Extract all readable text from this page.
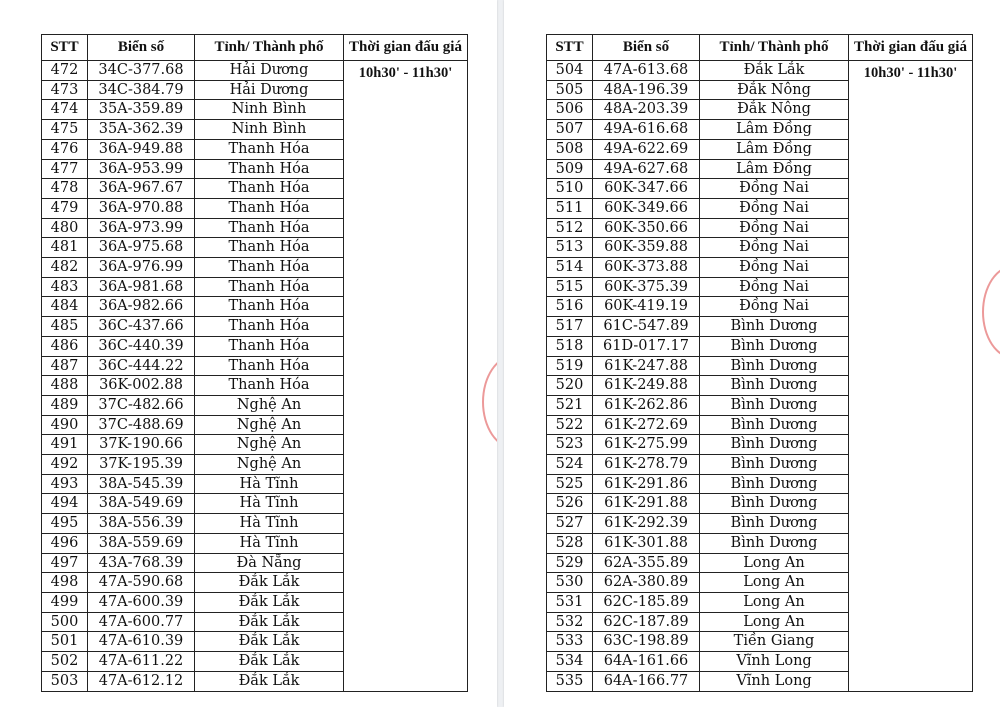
STT	Biển số	Tỉnh/ Thành phố	Thời gian đấu giá
472	34C-377.68	Hải Dương	10h30' - 11h30'
473	34C-384.79	Hải Dương	
474	35A-359.89	Ninh Bình	
475	35A-362.39	Ninh Bình	
476	36A-949.88	Thanh Hóa	
477	36A-953.99	Thanh Hóa	
478	36A-967.67	Thanh Hóa	
479	36A-970.88	Thanh Hóa	
480	36A-973.99	Thanh Hóa	
481	36A-975.68	Thanh Hóa	
482	36A-976.99	Thanh Hóa	
483	36A-981.68	Thanh Hóa	
484	36A-982.66	Thanh Hóa	
485	36C-437.66	Thanh Hóa	
486	36C-440.39	Thanh Hóa	
487	36C-444.22	Thanh Hóa	
488	36K-002.88	Thanh Hóa	
489	37C-482.66	Nghệ An	
490	37C-488.69	Nghệ An	
491	37K-190.66	Nghệ An	
492	37K-195.39	Nghệ An	
493	38A-545.39	Hà Tĩnh	
494	38A-549.69	Hà Tĩnh	
495	38A-556.39	Hà Tĩnh	
496	38A-559.69	Hà Tĩnh	
497	43A-768.39	Đà Nẵng	
498	47A-590.68	Đắk Lắk	
499	47A-600.39	Đắk Lắk	
500	47A-600.77	Đắk Lắk	
501	47A-610.39	Đắk Lắk	
502	47A-611.22	Đắk Lắk	
503	47A-612.12	Đắk Lắk	
STT	Biển số	Tỉnh/ Thành phố	Thời gian đấu giá
504	47A-613.68	Đắk Lắk	10h30' - 11h30'
505	48A-196.39	Đắk Nông	
506	48A-203.39	Đắk Nông	
507	49A-616.68	Lâm Đồng	
508	49A-622.69	Lâm Đồng	
509	49A-627.68	Lâm Đồng	
510	60K-347.66	Đồng Nai	
511	60K-349.66	Đồng Nai	
512	60K-350.66	Đồng Nai	
513	60K-359.88	Đồng Nai	
514	60K-373.88	Đồng Nai	
515	60K-375.39	Đồng Nai	
516	60K-419.19	Đồng Nai	
517	61C-547.89	Bình Dương	
518	61D-017.17	Bình Dương	
519	61K-247.88	Bình Dương	
520	61K-249.88	Bình Dương	
521	61K-262.86	Bình Dương	
522	61K-272.69	Bình Dương	
523	61K-275.99	Bình Dương	
524	61K-278.79	Bình Dương	
525	61K-291.86	Bình Dương	
526	61K-291.88	Bình Dương	
527	61K-292.39	Bình Dương	
528	61K-301.88	Bình Dương	
529	62A-355.89	Long An	
530	62A-380.89	Long An	
531	62C-185.89	Long An	
532	62C-187.89	Long An	
533	63C-198.89	Tiền Giang	
534	64A-161.66	Vĩnh Long	
535	64A-166.77	Vĩnh Long	
